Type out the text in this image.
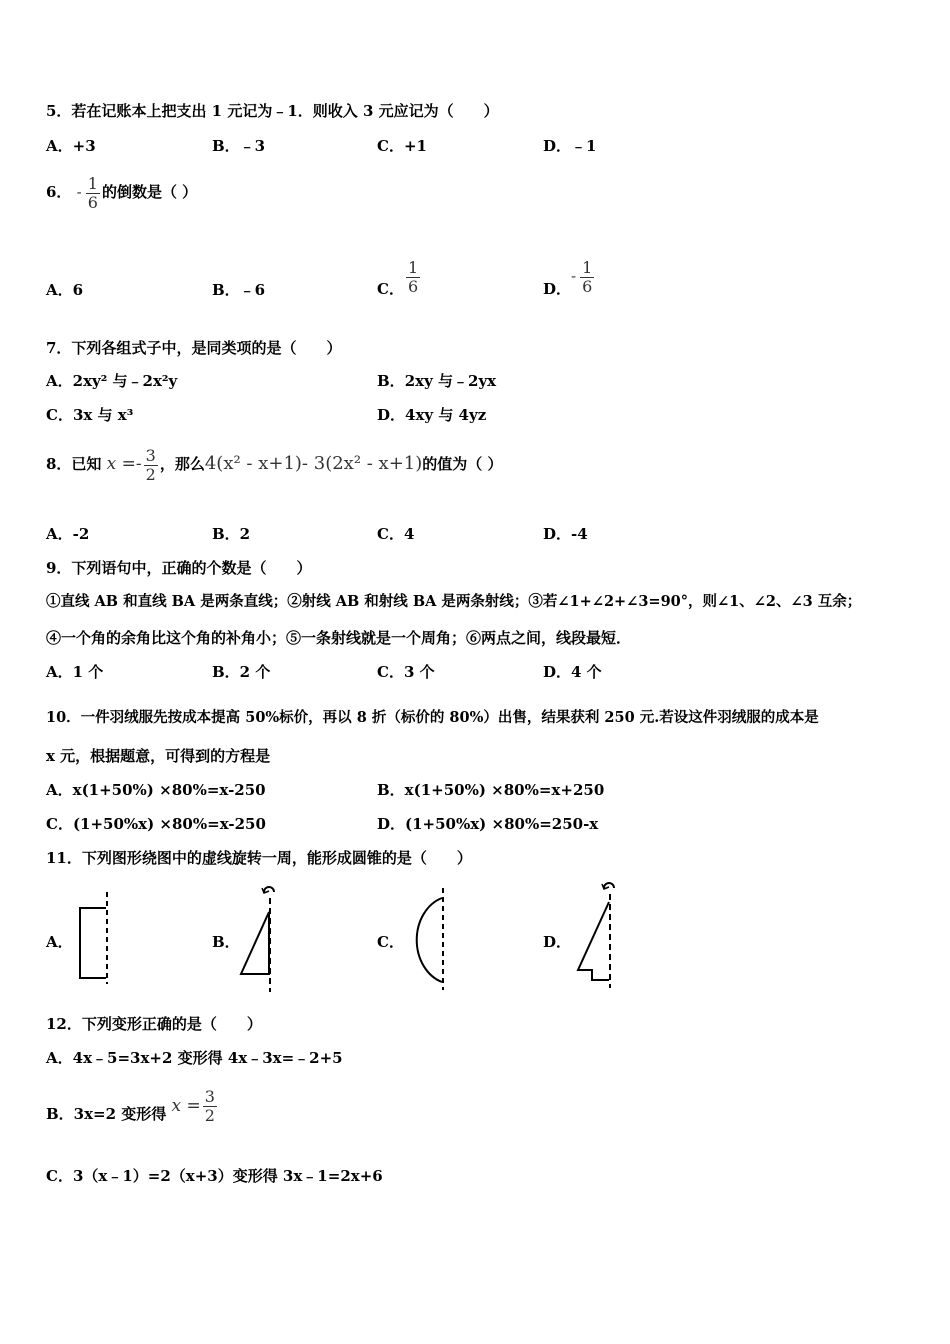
5．若在记账本上把支出 1 元记为﹣1．则收入 3 元应记为（　　）
A．+3	B．﹣3	C．+1	D．﹣1
6． - $\frac{1}{6}$ 的倒数是（ ）
A．6	B．﹣6	C． $\frac{1}{6}$	D．- $\frac{1}{6}$
7．下列各组式子中，是同类项的是（　　）
A．2xy² 与﹣2x²y	B．2xy 与﹣2yx
C．3x 与 x³	D．4xy 与 4yz
8．已知 $x =- \frac{3}{2}$ ，那么4(x² - x+1)- 3(2x² - x+1)的值为（ ）
A．-2	B．2	C．4	D．-4
9．下列语句中，正确的个数是（　　）
①直线 AB 和直线 BA 是两条直线；②射线 AB 和射线 BA 是两条射线；③若∠1+∠2+∠3=90°，则∠1、∠2、∠3 互余；
④一个角的余角比这个角的补角小；⑤一条射线就是一个周角；⑥两点之间，线段最短．
A．1 个	B．2 个	C．3 个	D．4 个
10．一件羽绒服先按成本提高 50%标价，再以 8 折（标价的 80%）出售，结果获利 250 元.若设这件羽绒服的成本是
x 元，根据题意，可得到的方程是
A．x(1+50%) ×80%=x-250	B．x(1+50%) ×80%=x+250
C．(1+50%x) ×80%=x-250	D．(1+50%x) ×80%=250-x
11．下列图形绕图中的虚线旋转一周，能形成圆锥的是（　　）
A．	B．	C．	D．
12．下列变形正确的是（　　）
A．4x﹣5=3x+2 变形得 4x﹣3x=﹣2+5
B．3x=2 变形得 $x = \frac{3}{2}$
C．3（x﹣1）=2（x+3）变形得 3x﹣1=2x+6
